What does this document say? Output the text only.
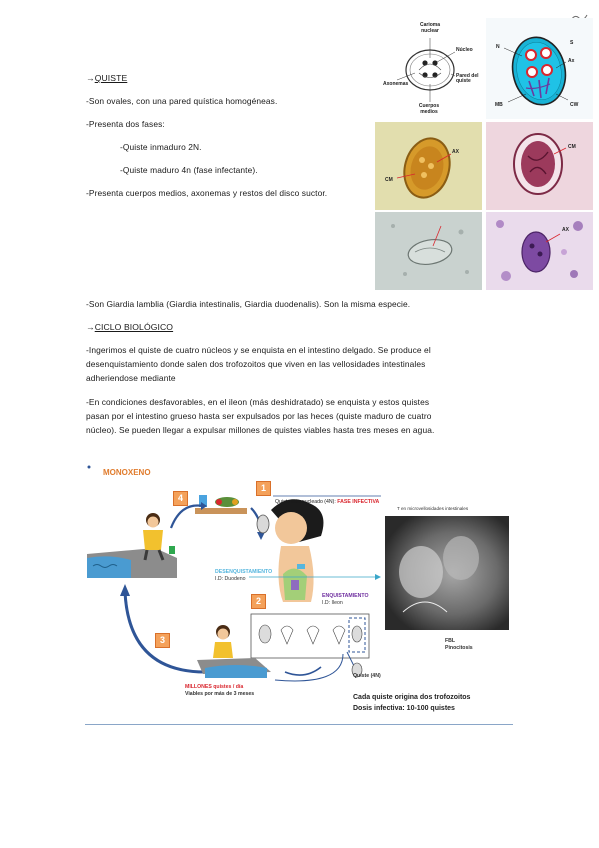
→QUISTE
-Son ovales, con una pared quística homogéneas.
-Presenta dos fases:
-Quiste inmaduro 2N.
-Quiste maduro 4n (fase infectante).
-Presenta cuerpos medios, axonemas y restos del disco suctor.
Carioma nuclear
Núcleo
Axonemas
Pared del quiste
Cuerpos medios
S
N
Ax
MB	CW
AX
CM
CM
AX
-Son Giardia lamblia (Giardia intestinalis, Giardia duodenalis). Son la misma especie.
→CICLO BIOLÓGICO
-Ingerimos el quiste de cuatro núcleos y se enquista en el intestino delgado. Se produce el
desenquistamiento donde salen dos trofozoitos que viven en las vellosidades intestinales
adheriendose mediante
-En condiciones desfavorables, en el ileon (más deshidratado) se enquista y estos quistes
pasan por el intestino grueso hasta ser expulsados por las heces (quiste maduro de cuatro
núcleo). Se pueden llegar a expulsar millones de quistes viables hasta tres meses en agua.
MONOXENO
4
1
2
3
Quiste tetranucleado (4N): FASE INFECTIVA
T en microvellosidades intestinales
DESENQUISTAMIENTO
I.D: Duodeno
ENQUISTAMIENTO
I.D: Ileon
FBL
Pinocitosis
Quiste (4N)
MILLONES quistes / día
Viables por más de 3 meses	Cada quiste origina dos trofozoitos
Dosis infectiva: 10-100 quistes
